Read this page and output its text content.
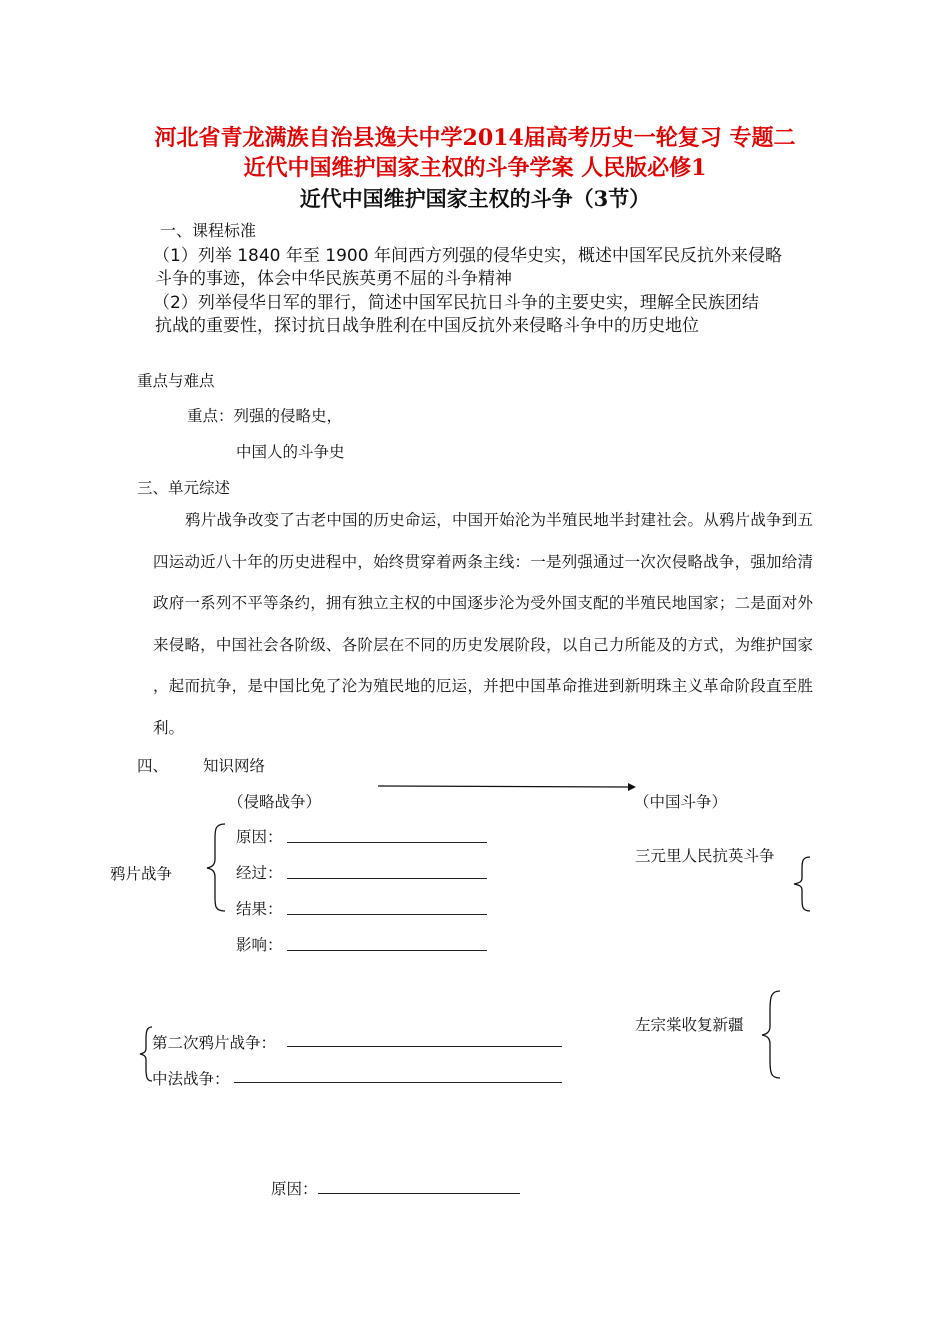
河北省青龙满族自治县逸夫中学2014届高考历史一轮复习 专题二
近代中国维护国家主权的斗争学案 人民版必修1
近代中国维护国家主权的斗争（3节）
一、课程标准
（1）列举 1840 年至 1900 年间西方列强的侵华史实，概述中国军民反抗外来侵略
斗争的事迹，体会中华民族英勇不屈的斗争精神
（2）列举侵华日军的罪行，简述中国军民抗日斗争的主要史实，理解全民族团结
抗战的重要性，探讨抗日战争胜利在中国反抗外来侵略斗争中的历史地位
重点与难点
重点：列强的侵略史，
中国人的斗争史
三、单元综述
鸦片战争改变了古老中国的历史命运，中国开始沦为半殖民地半封建社会。从鸦片战争到五四运动近八十年的历史进程中，始终贯穿着两条主线：一是列强通过一次次侵略战争，强加给清政府一系列不平等条约，拥有独立主权的中国逐步沦为受外国支配的半殖民地国家；二是面对外来侵略，中国社会各阶级、各阶层在不同的历史发展阶段，以自己力所能及的方式，为维护国家 ，起而抗争，是中国比免了沦为殖民地的厄运，并把中国革命推进到新明珠主义革命阶段直至胜利。
四、 知识网络
（侵略战争）	（中国斗争）
鸦片战争
原因：
经过：
结果：
影响：
三元里人民抗英斗争
左宗棠收复新疆
第二次鸦片战争：
中法战争：
原因：
